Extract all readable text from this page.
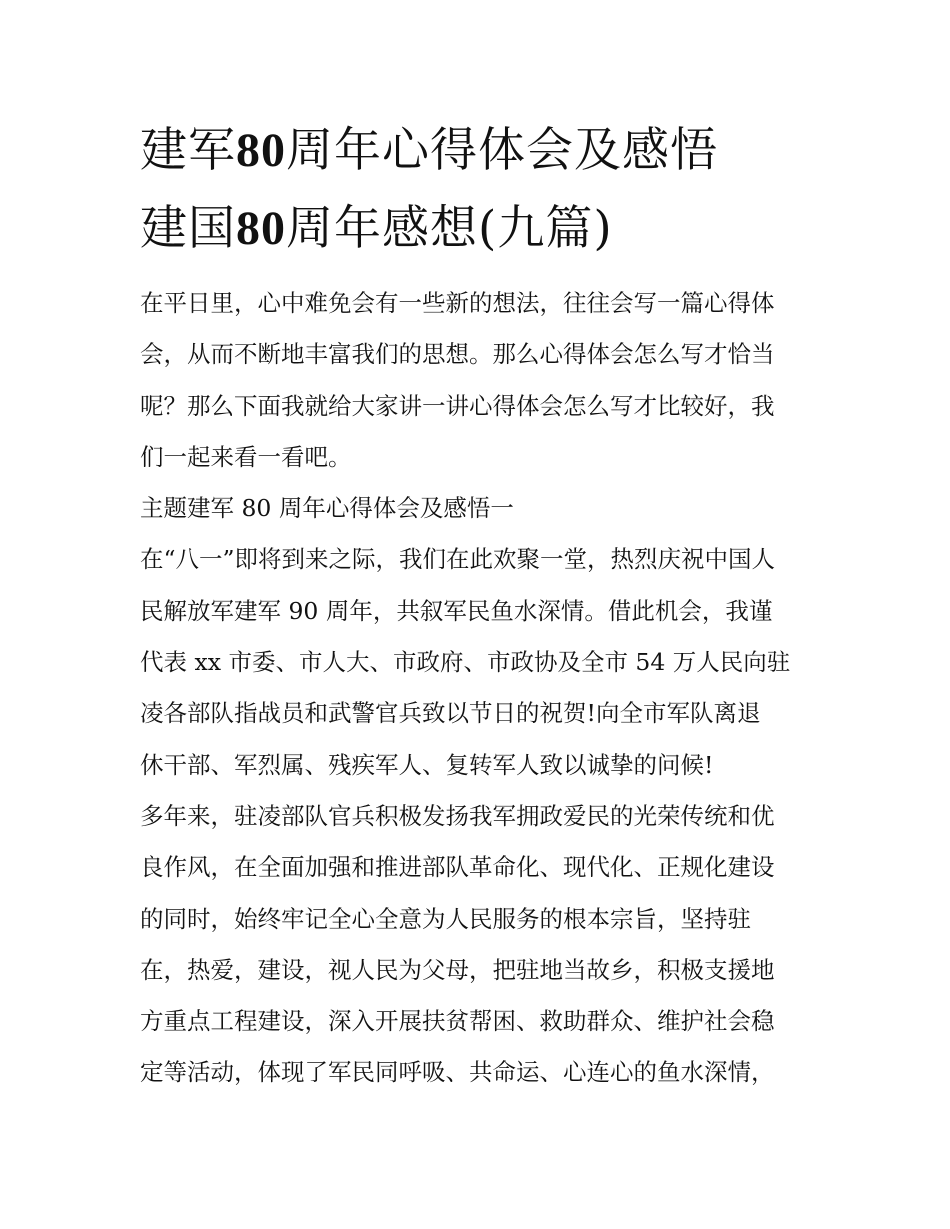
建军80周年心得体会及感悟
建国80周年感想(九篇)
在平日里，心中难免会有一些新的想法，往往会写一篇心得体
会，从而不断地丰富我们的思想。那么心得体会怎么写才恰当
呢？那么下面我就给大家讲一讲心得体会怎么写才比较好，我
们一起来看一看吧。
主题建军 80 周年心得体会及感悟一
在“八一”即将到来之际，我们在此欢聚一堂，热烈庆祝中国人
民解放军建军 90 周年，共叙军民鱼水深情。借此机会，我谨
代表 xx 市委、市人大、市政府、市政协及全市 54 万人民向驻
凌各部队指战员和武警官兵致以节日的祝贺!向全市军队离退
休干部、军烈属、残疾军人、复转军人致以诚挚的问候!
多年来，驻凌部队官兵积极发扬我军拥政爱民的光荣传统和优
良作风，在全面加强和推进部队革命化、现代化、正规化建设
的同时，始终牢记全心全意为人民服务的根本宗旨，坚持驻
在，热爱，建设，视人民为父母，把驻地当故乡，积极支援地
方重点工程建设，深入开展扶贫帮困、救助群众、维护社会稳
定等活动，体现了军民同呼吸、共命运、心连心的鱼水深情，
